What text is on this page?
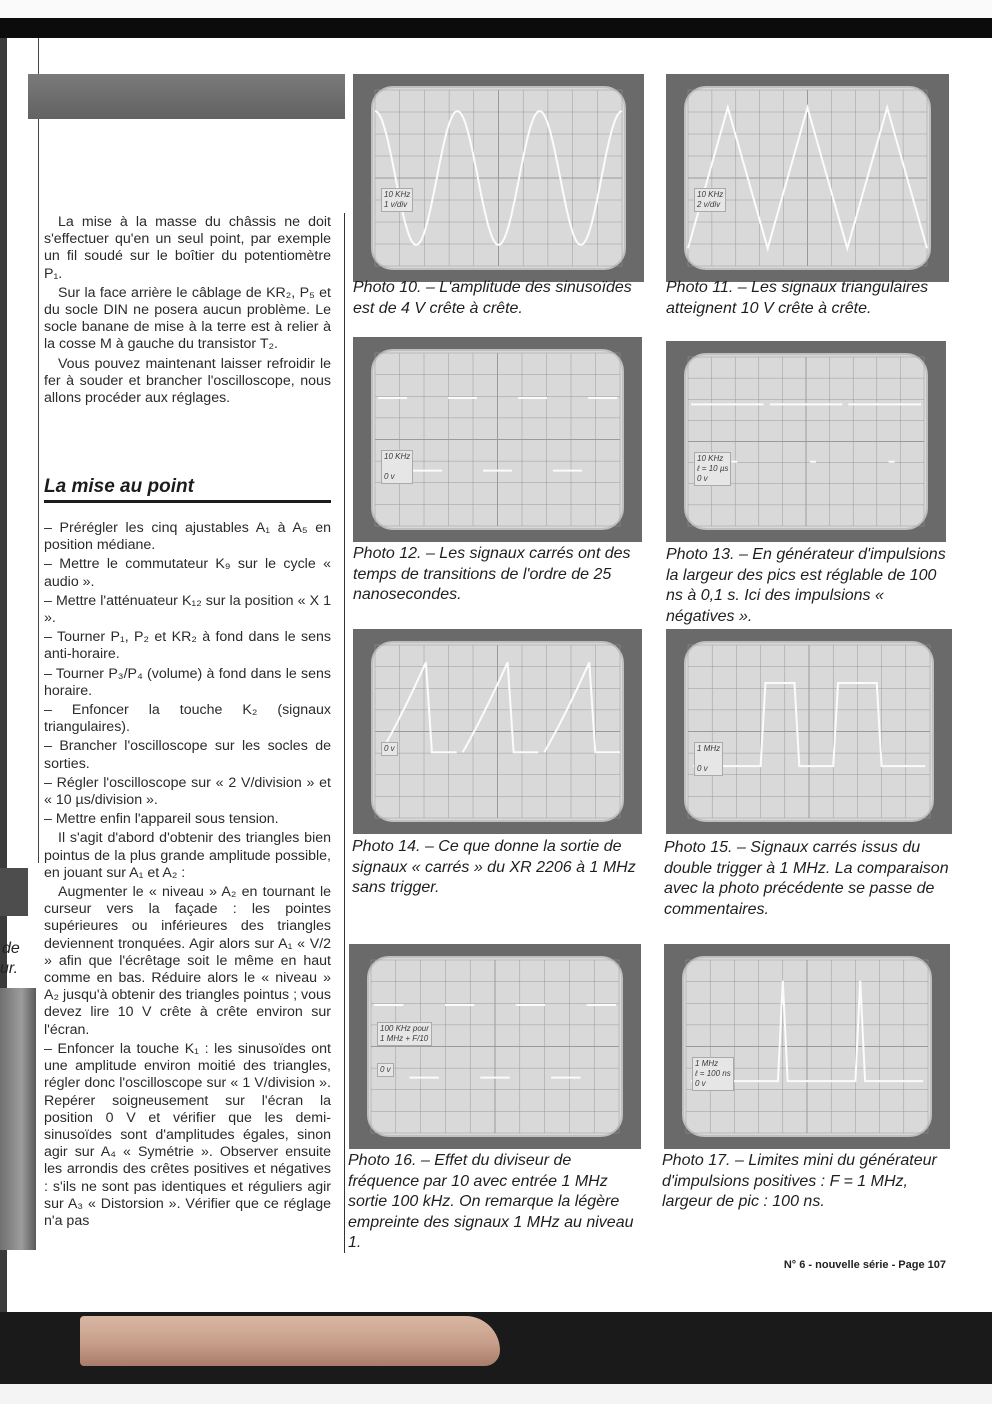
de
ur.

La mise à la masse du châssis ne doit s'effectuer qu'en un seul point, par exemple un fil soudé sur le boîtier du potentiomètre P₁.

Sur la face arrière le câblage de KR₂, P₅ et du socle DIN ne posera aucun problème. Le socle banane de mise à la terre est à relier à la cosse M à gauche du transistor T₂.

Vous pouvez maintenant laisser refroidir le fer à souder et brancher l'oscilloscope, nous allons procéder aux réglages.

La mise au point

– Prérégler les cinq ajustables A₁ à A₅ en position médiane.

– Mettre le commutateur K₉ sur le cycle « audio ».

– Mettre l'atténuateur K₁₂ sur la position « X 1 ».

– Tourner P₁, P₂ et KR₂ à fond dans le sens anti-horaire.

– Tourner P₃/P₄ (volume) à fond dans le sens horaire.

– Enfoncer la touche K₂ (signaux triangulaires).

– Brancher l'oscilloscope sur les socles de sorties.

– Régler l'oscilloscope sur « 2 V/division » et « 10 µs/division ».

– Mettre enfin l'appareil sous tension.

Il s'agit d'abord d'obtenir des triangles bien pointus de la plus grande amplitude possible, en jouant sur A₁ et A₂ :

Augmenter le « niveau » A₂ en tournant le curseur vers la façade : les pointes supérieures ou inférieures des triangles deviennent tronquées. Agir alors sur A₁ « V/2 » afin que l'écrêtage soit le même en haut comme en bas. Réduire alors le « niveau » A₂ jusqu'à obtenir des triangles pointus ; vous devez lire 10 V crête à crête environ sur l'écran.

– Enfoncer la touche K₁ : les sinusoïdes ont une amplitude environ moitié des triangles, régler donc l'oscilloscope sur « 1 V/division ». Repérer soigneusement sur l'écran la position 0 V et vérifier que les demi-sinusoïdes sont d'amplitudes égales, sinon agir sur A₄ « Symétrie ». Observer ensuite les arrondis des crêtes positives et négatives : s'ils ne sont pas identiques et réguliers agir sur A₃ « Distorsion ». Vérifier que ce réglage n'a pas

10 KHz
1 v/div
10 KHz
2 v/div
10 KHz

0 v
10 KHz
ℓ = 10 µs
0 v
0 v	1 MHz

0 v
100 KHz pour
1 MHz + F/10
0 v
1 MHz
ℓ = 100 ns
0 v

Photo 10. – L'amplitude des sinusoïdes est de 4 V crête à crête.

Photo 11. – Les signaux triangulaires atteignent 10 V crête à crête.

Photo 12. – Les signaux carrés ont des temps de transitions de l'ordre de 25 nanosecondes.

Photo 13. – En générateur d'impulsions la largeur des pics est réglable de 100 ns à 0,1 s. Ici des impulsions « négatives ».

Photo 14. – Ce que donne la sortie de signaux « carrés » du XR 2206 à 1 MHz sans trigger.

Photo 15. – Signaux carrés issus du double trigger à 1 MHz. La comparaison avec la photo précédente se passe de commentaires.

Photo 16. – Effet du diviseur de fréquence par 10 avec entrée 1 MHz sortie 100 kHz. On remarque la légère empreinte des signaux 1 MHz au niveau 1.

Photo 17. – Limites mini du générateur d'impulsions positives : F = 1 MHz, largeur de pic : 100 ns.

N° 6 - nouvelle série - Page 107
